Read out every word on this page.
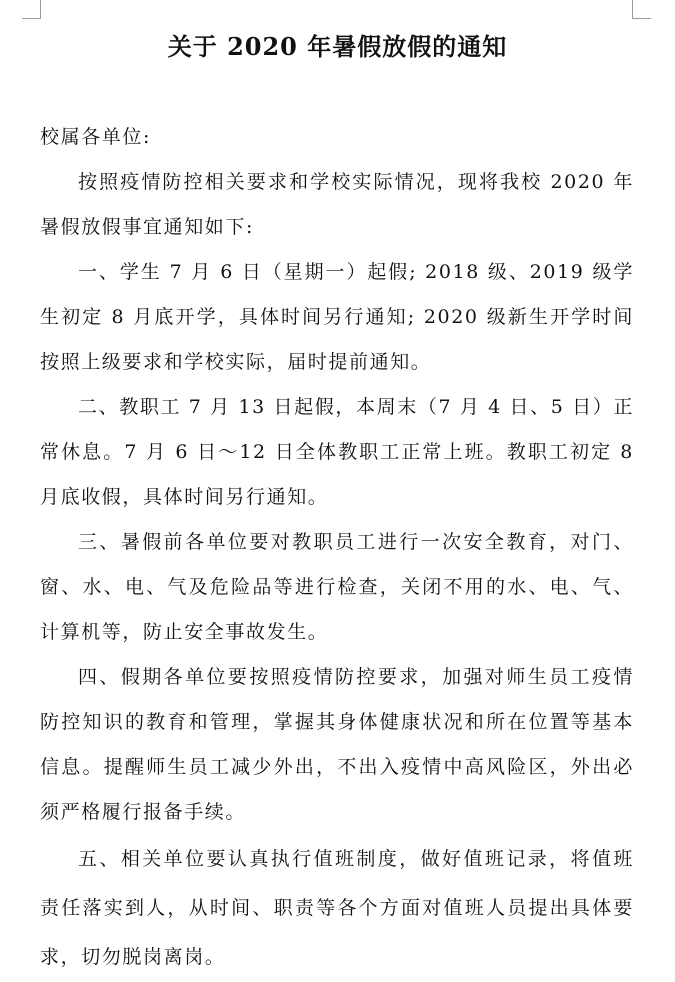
关于 2020 年暑假放假的通知

校属各单位:

按照疫情防控相关要求和学校实际情况，现将我校 2020 年暑假放假事宜通知如下:

一、学生 7 月 6 日（星期一）起假; 2018 级、2019 级学生初定 8 月底开学，具体时间另行通知; 2020 级新生开学时间按照上级要求和学校实际，届时提前通知。

二、教职工 7 月 13 日起假，本周末（7 月 4 日、5 日）正常休息。7 月 6 日～12 日全体教职工正常上班。教职工初定 8 月底收假，具体时间另行通知。

三、暑假前各单位要对教职员工进行一次安全教育，对门、窗、水、电、气及危险品等进行检查，关闭不用的水、电、气、计算机等，防止安全事故发生。

四、假期各单位要按照疫情防控要求，加强对师生员工疫情防控知识的教育和管理，掌握其身体健康状况和所在位置等基本信息。提醒师生员工减少外出，不出入疫情中高风险区，外出必须严格履行报备手续。

五、相关单位要认真执行值班制度，做好值班记录，将值班责任落实到人，从时间、职责等各个方面对值班人员提出具体要求，切勿脱岗离岗。
